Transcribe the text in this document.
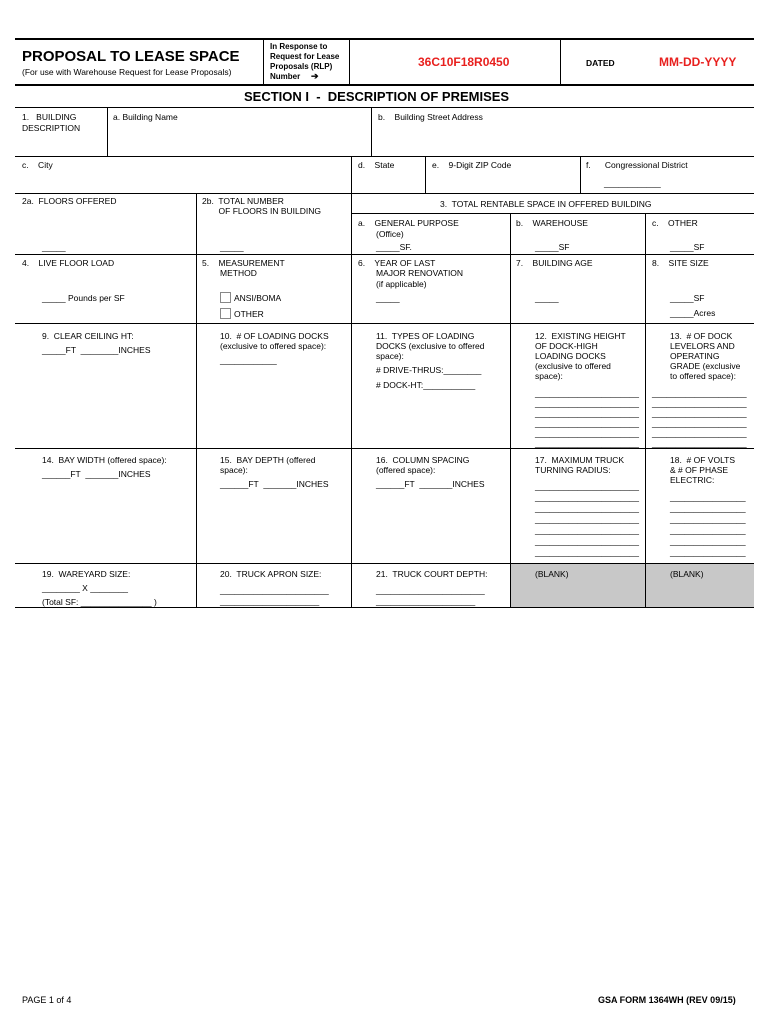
PROPOSAL TO LEASE SPACE
(For use with Warehouse Request for Lease Proposals)
In Response to
Request for Lease
Proposals (RLP)
Number ➔
36C10F18R0450	DATED	MM-DD-YYYY
SECTION I  -  DESCRIPTION OF PREMISES
1.   BUILDING
DESCRIPTION
a. Building Name	b.    Building Street Address
c.    City	d.    State	e.    9-Digit ZIP Code	f.      Congressional District
____________
2a.  FLOORS OFFERED
_____
2b.  TOTAL NUMBER
OF FLOORS IN BUILDING
_____
3.  TOTAL RENTABLE SPACE IN OFFERED BUILDING
a.    GENERAL PURPOSE
(Office)
_____SF.
b.    WAREHOUSE
_____SF
c.    OTHER
_____SF
4.    LIVE FLOOR LOAD
_____ Pounds per SF
5.    MEASUREMENT
METHOD
ANSI/BOMA
OTHER
6.    YEAR OF LAST
MAJOR RENOVATION
(if applicable)
_____
7.    BUILDING AGE
_____
8.    SITE SIZE
_____SF
_____Acres
9.  CLEAR CEILING HT:
_____FT  ________INCHES
10.  # OF LOADING DOCKS
(exclusive to offered space):
____________
11.  TYPES OF LOADING
DOCKS (exclusive to offered
space):
# DRIVE-THRUS:________
# DOCK-HT:___________
12.  EXISTING HEIGHT
OF DOCK-HIGH
LOADING DOCKS
(exclusive to offered
space):
______________________
______________________
______________________
______________________
______________________
______________________
13.  # OF DOCK
LEVELORS AND
OPERATING
GRADE (exclusive
to offered space):
____________________
____________________
____________________
____________________
____________________
____________________
14.  BAY WIDTH (offered space):
______FT  _______INCHES
15.  BAY DEPTH (offered
space):
______FT  _______INCHES
16.  COLUMN SPACING
(offered space):
______FT  _______INCHES
17.  MAXIMUM TRUCK
TURNING RADIUS:
______________________
______________________
______________________
______________________
______________________
______________________
______________________
18.  # OF VOLTS
& # OF PHASE
ELECTRIC:
________________
________________
________________
________________
________________
________________
19.  WAREYARD SIZE:
________ X ________
(Total SF: _______________ )
20.  TRUCK APRON SIZE:
_______________________
_____________________
21.  TRUCK COURT DEPTH:
_______________________
_____________________
(BLANK)	(BLANK)
PAGE 1 of 4	GSA FORM 1364WH (REV 09/15)
